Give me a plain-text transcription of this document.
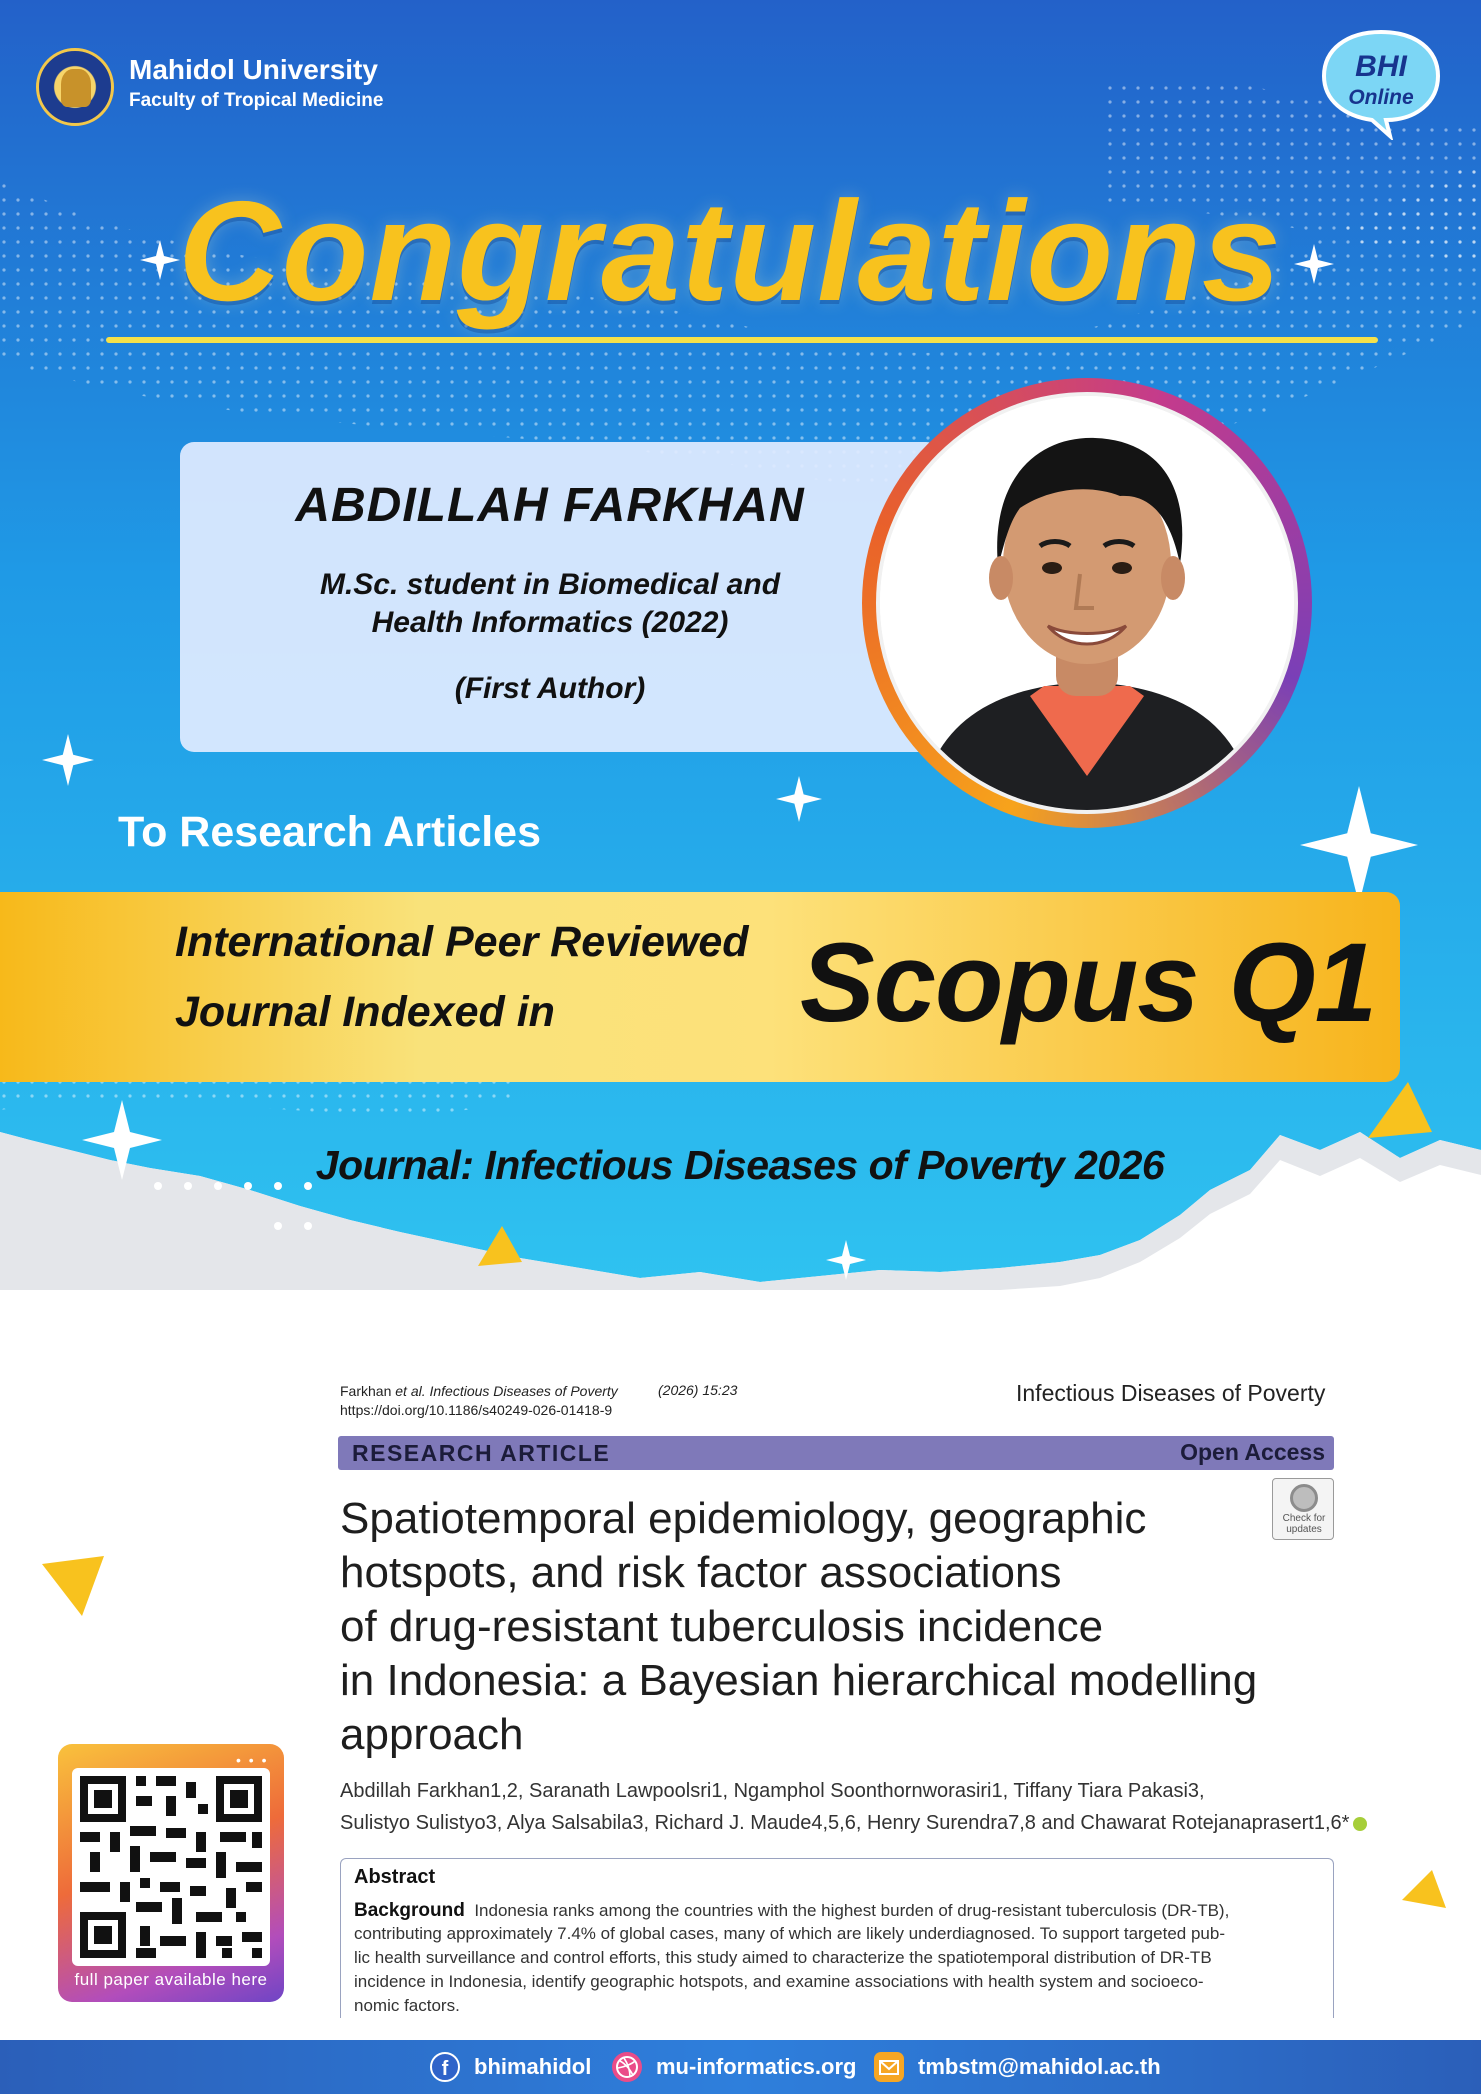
Mahidol University
Faculty of Tropical Medicine
BHI
Online
Congratulations
ABDILLAH FARKHAN
M.Sc. student in Biomedical and
Health Informatics (2022)
(First Author)
To Research Articles
International Peer Reviewed
Journal Indexed in Scopus Q1
Journal: Infectious Diseases of Poverty 2026
Farkhan et al. Infectious Diseases of Poverty
https://doi.org/10.1186/s40249-026-01418-9
(2026) 15:23	Infectious Diseases of Poverty
RESEARCH ARTICLE	Open Access
Check for
updates
Spatiotemporal epidemiology, geographic
hotspots, and risk factor associations
of drug-resistant tuberculosis incidence
in Indonesia: a Bayesian hierarchical modelling
approach
Abdillah Farkhan1,2, Saranath Lawpoolsri1, Ngamphol Soonthornworasiri1, Tiffany Tiara Pakasi3,
Sulistyo Sulistyo3, Alya Salsabila3, Richard J. Maude4,5,6, Henry Surendra7,8 and Chawarat Rotejanaprasert1,6*
Abstract
Background Indonesia ranks among the countries with the highest burden of drug-resistant tuberculosis (DR-TB),
contributing approximately 7.4% of global cases, many of which are likely underdiagnosed. To support targeted pub-
lic health surveillance and control efforts, this study aimed to characterize the spatiotemporal distribution of DR-TB
incidence in Indonesia, identify geographic hotspots, and examine associations with health system and socioeco-
nomic factors.
• • •
full paper available here
f	bhimahidol	mu-informatics.org	tmbstm@mahidol.ac.th
